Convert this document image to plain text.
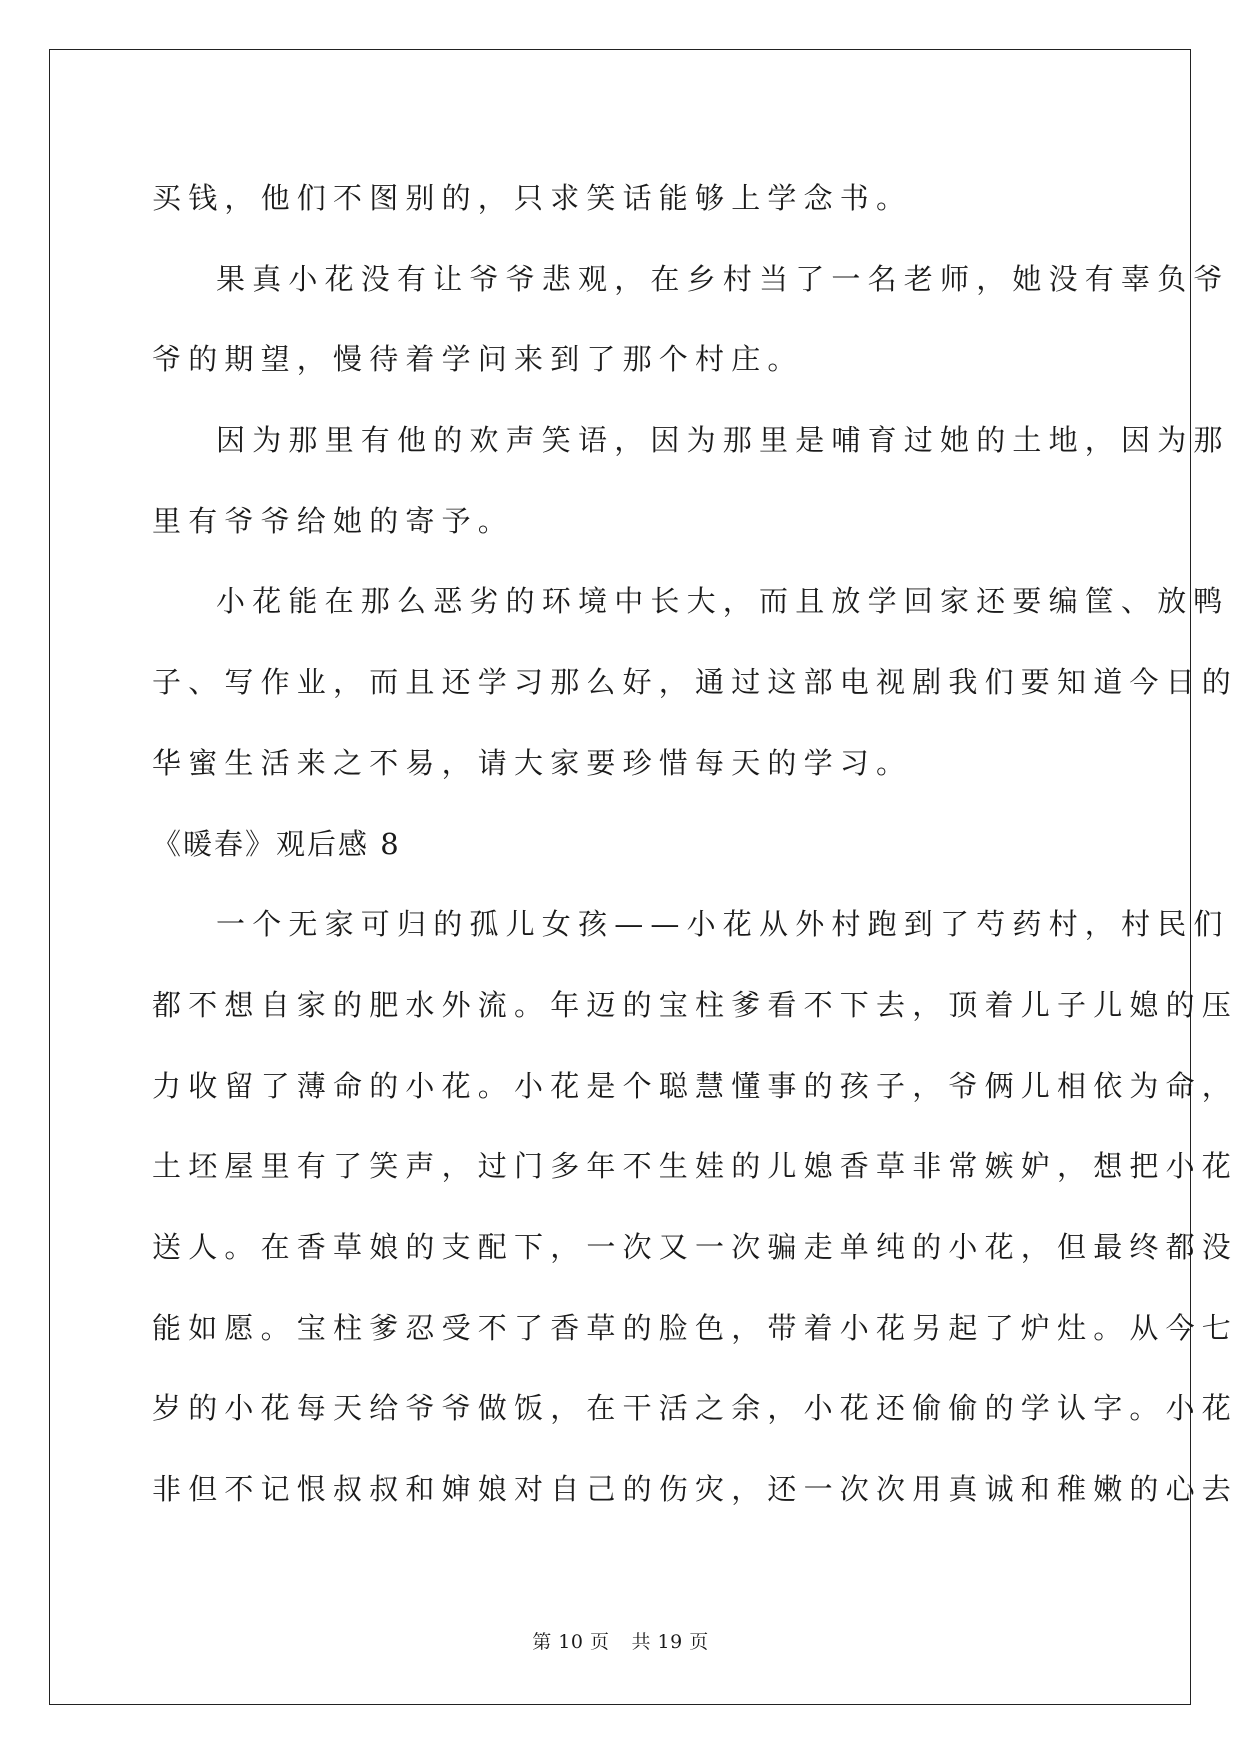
买钱，他们不图别的，只求笑话能够上学念书。
果真小花没有让爷爷悲观，在乡村当了一名老师，她没有辜负爷
爷的期望，慢待着学问来到了那个村庄。
因为那里有他的欢声笑语，因为那里是哺育过她的土地，因为那
里有爷爷给她的寄予。
小花能在那么恶劣的环境中长大，而且放学回家还要编筐、放鸭
子、写作业，而且还学习那么好，通过这部电视剧我们要知道今日的
华蜜生活来之不易，请大家要珍惜每天的学习。
《暖春》观后感 8
一个无家可归的孤儿女孩——小花从外村跑到了芍药村，村民们
都不想自家的肥水外流。年迈的宝柱爹看不下去，顶着儿子儿媳的压
力收留了薄命的小花。小花是个聪慧懂事的孩子，爷俩儿相依为命，
土坯屋里有了笑声，过门多年不生娃的儿媳香草非常嫉妒，想把小花
送人。在香草娘的支配下，一次又一次骗走单纯的小花，但最终都没
能如愿。宝柱爹忍受不了香草的脸色，带着小花另起了炉灶。从今七
岁的小花每天给爷爷做饭，在干活之余，小花还偷偷的学认字。小花
非但不记恨叔叔和婶娘对自己的伤灾，还一次次用真诚和稚嫩的心去
第 10 页 共 19 页
